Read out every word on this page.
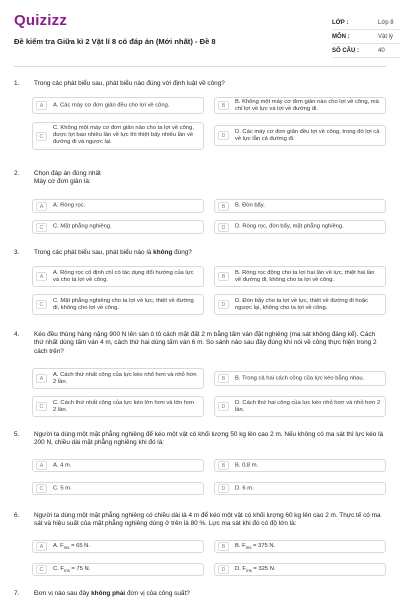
Quizizz
Đề kiểm tra Giữa kì 2 Vật lí 8 có đáp án (Mới nhất) - Đề 8
LỚP :	Lớp 8
MÔN :	Vật lý
SỐ CÂU :	40
1. Trong các phát biểu sau, phát biểu nào đúng với định luật về công?
A	A. Các máy cơ đơn giản đều cho lợi về công.	B
B. Không một máy cơ đơn giản nào cho lợi về công, mà chỉ lợi về lực và lợi về đường đi.
C
C. Không một máy cơ đơn giản nào cho ta lợi về công, được lợi bao nhiêu lần về lực thì thiệt bấy nhiêu lần về đường đi và ngược lại.
D
D. Các máy cơ đơn giản đều lợi về công, trong đó lợi cả về lực lẫn cả đường đi.
2. Chọn đáp án đúng nhất
Máy cơ đơn giản là:
A	A. Ròng rọc.	B	B. Đòn bẩy.
C	C. Mặt phẳng nghiêng.	D	D. Ròng rọc, đòn bẩy, mặt phẳng nghiêng.
3. Trong các phát biểu sau, phát biểu nào là không đúng?
A
A. Ròng rọc cố định chỉ có tác dụng đổi hướng của lực và cho ta lợi về công.	B
B. Ròng rọc động cho ta lợi hai lần về lực, thiệt hai lần về đường đi, không cho ta lợi về công.
C
C. Mặt phẳng nghiêng cho ta lợi về lực, thiệt về đường đi, không cho lợi về công.	D
D. Đòn bẩy cho ta lợi về lực, thiệt về đường đi hoặc ngược lại, không cho ta lợi về công.
4. Kéo đều thùng hàng nặng 900 N lên sàn ô tô cách mặt đất 2 m bằng tấm ván đặt nghiêng (ma sát không đáng kể). Cách thứ nhất dùng tấm ván 4 m, cách thứ hai dùng tấm ván 6 m. So sánh nào sau đây đúng khi nói về công thực hiện trong 2 cách trên?
A
A. Cách thứ nhất công của lực kéo nhỏ hơn và nhỏ hơn 2 lần.	B	B. Trong cả hai cách công của lực kéo bằng nhau.
C
C. Cách thứ nhất công của lực kéo lớn hơn và lớn hơn 2 lần.	D
D. Cách thứ hai công của lực kéo nhỏ hơn và nhỏ hơn 2 lần.
5. Người ta dùng một mặt phẳng nghiêng để kéo một vật có khối lượng 50 kg lên cao 2 m. Nếu không có ma sát thì lực kéo là 200 N, chiều dài mặt phẳng nghiêng khi đó là:
A	A. 4 m.	B	B. 0,8 m.
C	C. 5 m.	D	D. 6 m.
6. Người ta dùng một mặt phẳng nghiêng có chiều dài là 4 m để kéo một vật có khối lượng 60 kg lên cao 2 m. Thực tế có ma sát và hiệu suất của mặt phẳng nghiêng dùng ở trên là 80 %. Lực ma sát khi đó có độ lớn là:
A	A. $F_{ms} = 65$ N.	B	B. $F_{ms} = 375$ N.
C	C. $F_{ms} = 75$ N.	D	D. $F_{ms} = 325$ N.
7. Đơn vị nào sau đây không phải đơn vị của công suất?
